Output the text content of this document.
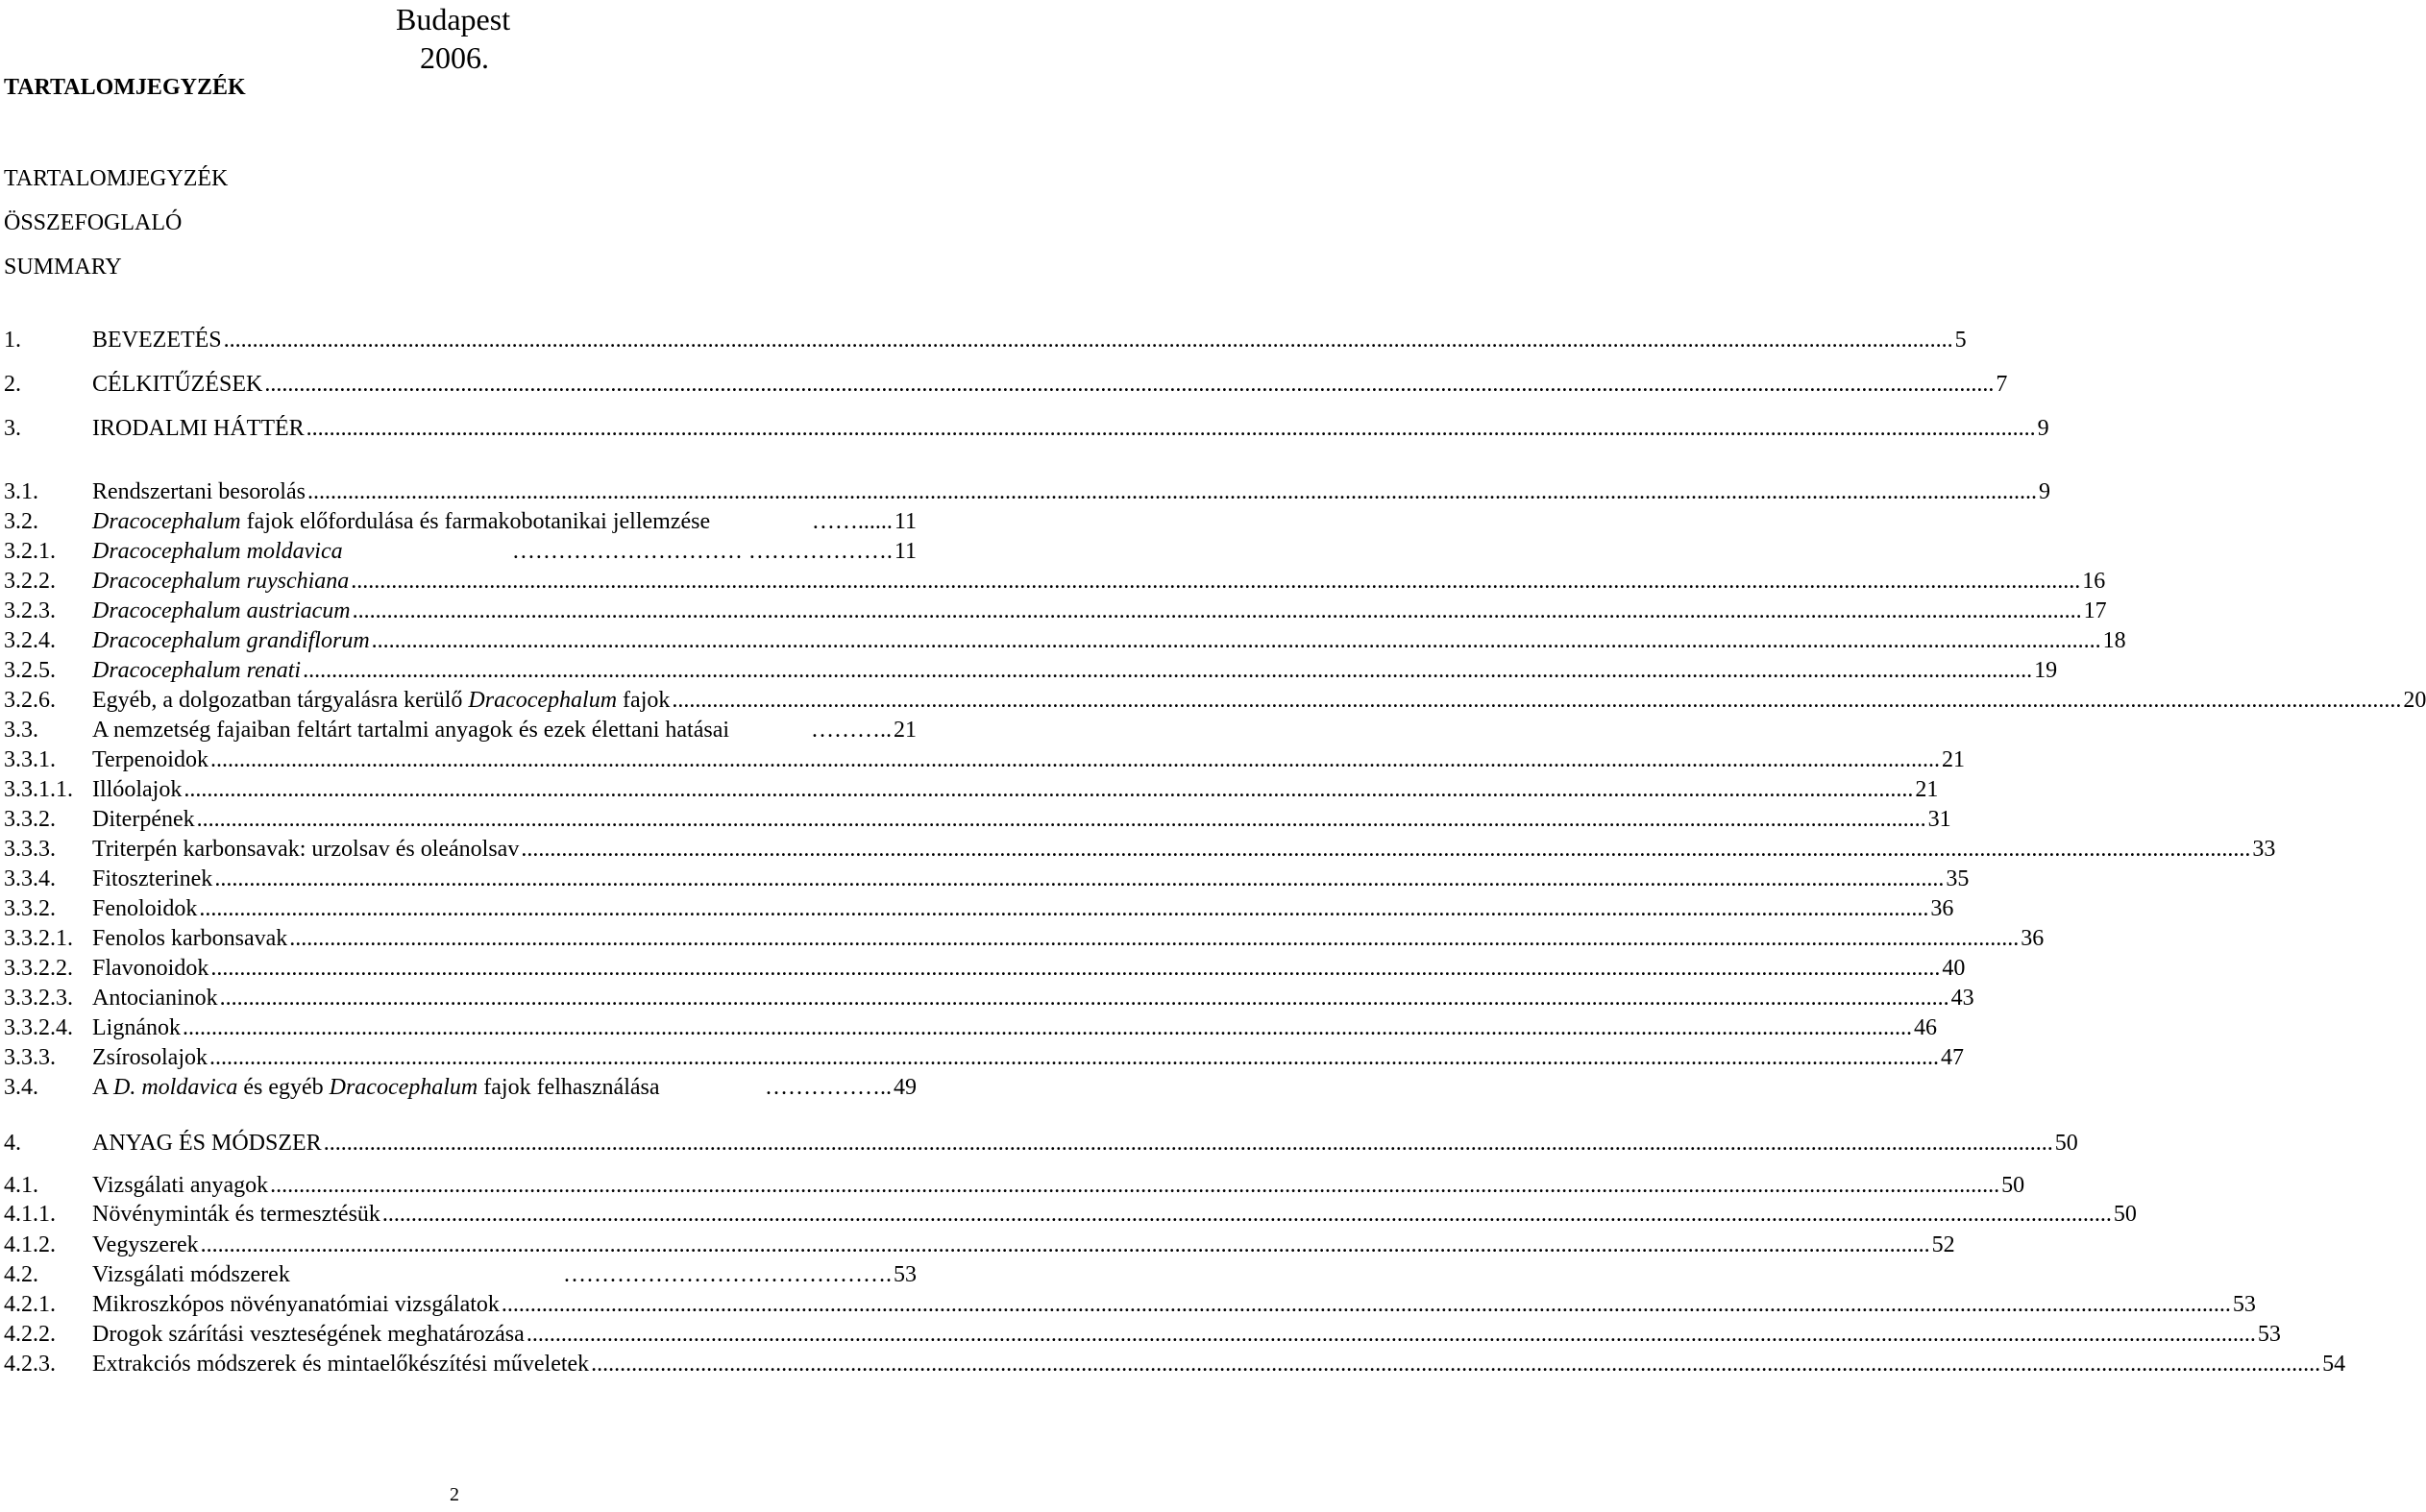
Budapest
2006.
TARTALOMJEGYZÉK
TARTALOMJEGYZÉK
ÖSSZEFOGLALÓ
SUMMARY
1.	BEVEZETÉS ............................................................................................................................................................................................................................................................................................................ 5
2.	CÉLKITŰZÉSEK ............................................................................................................................................................................................................................................................................................................ 7
3.	IRODALMI HÁTTÉR ............................................................................................................................................................................................................................................................................................................ 9
3.1. Rendszertani besorolás ............................................................................................................................................................................................................................................................................................................ 9
3.2. Dracocephalum fajok előfordulása és farmakobotanikai jellemzése	……...... 11
3.2.1. Dracocephalum moldavica	………………………… ………………. 11
3.2.2. Dracocephalum ruyschiana ............................................................................................................................................................................................................................................................................................................ 16
3.2.3. Dracocephalum austriacum ............................................................................................................................................................................................................................................................................................................ 17
3.2.4. Dracocephalum grandiflorum ............................................................................................................................................................................................................................................................................................................ 18
3.2.5. Dracocephalum renati ............................................................................................................................................................................................................................................................................................................ 19
3.2.6. Egyéb, a dolgozatban tárgyalásra kerülő Dracocephalum fajok ............................................................................................................................................................................................................................................................................................................ 20
3.3. A nemzetség fajaiban feltárt tartalmi anyagok és ezek élettani hatásai	……….. 21
3.3.1. Terpenoidok ............................................................................................................................................................................................................................................................................................................ 21
3.3.1.1. Illóolajok ............................................................................................................................................................................................................................................................................................................ 21
3.3.2. Diterpének ............................................................................................................................................................................................................................................................................................................ 31
3.3.3. Triterpén karbonsavak: urzolsav és oleánolsav ............................................................................................................................................................................................................................................................................................................ 33
3.3.4. Fitoszterinek ............................................................................................................................................................................................................................................................................................................ 35
3.3.2. Fenoloidok ............................................................................................................................................................................................................................................................................................................ 36
3.3.2.1. Fenolos karbonsavak ............................................................................................................................................................................................................................................................................................................ 36
3.3.2.2. Flavonoidok ............................................................................................................................................................................................................................................................................................................ 40
3.3.2.3. Antocianinok ............................................................................................................................................................................................................................................................................................................ 43
3.3.2.4. Lignánok ............................................................................................................................................................................................................................................................................................................ 46
3.3.3. Zsírosolajok ............................................................................................................................................................................................................................................................................................................ 47
3.4. A D. moldavica és egyéb Dracocephalum fajok felhasználása	…………….. 49
4.	ANYAG ÉS MÓDSZER ............................................................................................................................................................................................................................................................................................................ 50
4.1. Vizsgálati anyagok ............................................................................................................................................................................................................................................................................................................ 50
4.1.1. Növényminták és termesztésük ............................................................................................................................................................................................................................................................................................................ 50
4.1.2. Vegyszerek ............................................................................................................................................................................................................................................................................................................ 52
4.2. Vizsgálati módszerek	……………………………………. 53
4.2.1. Mikroszkópos növényanatómiai vizsgálatok ............................................................................................................................................................................................................................................................................................................ 53
4.2.2. Drogok szárítási veszteségének meghatározása ............................................................................................................................................................................................................................................................................................................ 53
4.2.3. Extrakciós módszerek és mintaelőkészítési műveletek ............................................................................................................................................................................................................................................................................................................ 54
2
